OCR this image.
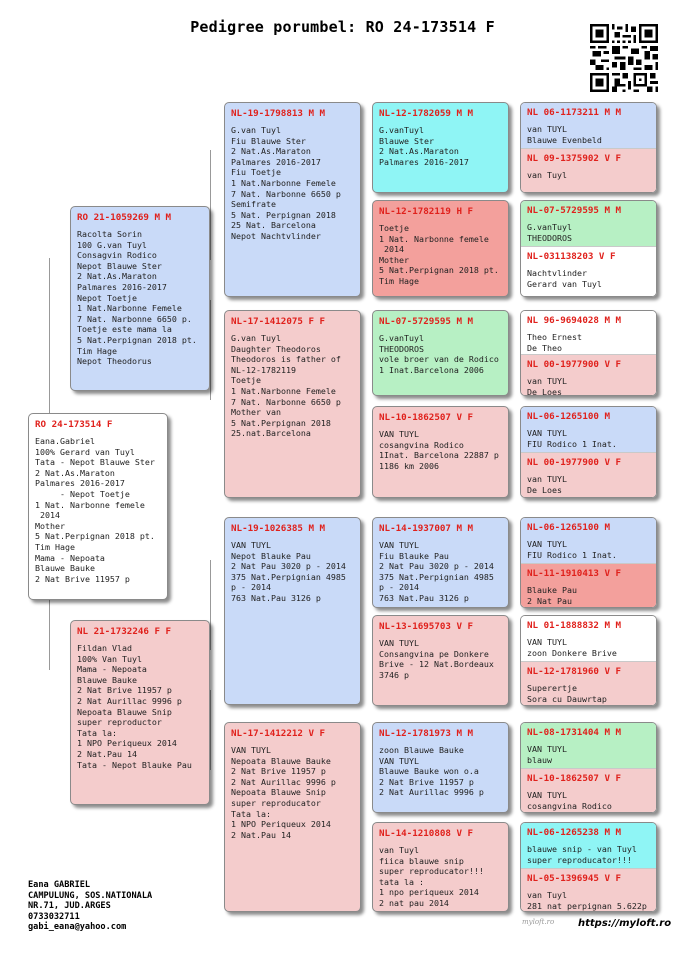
Pedigree porumbel: RO 24-173514 F
RO 24-173514 F
Eana.Gabriel
100% Gerard van Tuyl
Tata - Nepot Blauwe Ster
2 Nat.As.Maraton
Palmares 2016-2017
- Nepot Toetje
1 Nat. Narbonne femele
2014
Mother
5 Nat.Perpignan 2018 pt.
Tim Hage
Mama - Nepoata
Blauwe Bauke
2 Nat Brive 11957 p
RO 21-1059269 M M
Racolta Sorin
100 G.van Tuyl
Consagvin Rodico
Nepot Blauwe Ster
2 Nat.As.Maraton
Palmares 2016-2017
Nepot Toetje
1 Nat.Narbonne Femele
7 Nat. Narbonne 6650 p.
Toetje este mama la
5 Nat.Perpignan 2018 pt.
Tim Hage
Nepot Theodorus
NL 21-1732246 F F
Fildan Vlad
100% Van Tuyl
Mama - Nepoata
Blauwe Bauke
2 Nat Brive 11957 p
2 Nat Aurillac 9996 p
Nepoata Blauwe Snip
super reproductor
Tata la:
1 NPO Periqueux 2014
2 Nat.Pau 14
Tata - Nepot Blauke Pau
NL-19-1798813 M M
G.van Tuyl
Fiu Blauwe Ster
2 Nat.As.Maraton
Palmares 2016-2017
Fiu Toetje
1 Nat.Narbonne Femele
7 Nat. Narbonne 6650 p
Semifrate
5 Nat. Perpignan 2018
25 Nat. Barcelona
Nepot Nachtvlinder
NL-17-1412075 F F
G.van Tuyl
Daughter Theodoros
Theodoros is father of
NL-12-1782119
Toetje
1 Nat.Narbonne Femele
7 Nat. Narbonne 6650 p
Mother van
5 Nat.Perpignan 2018
25.nat.Barcelona
NL-19-1026385 M M
VAN TUYL
Nepot Blauke Pau
2 Nat Pau 3020 p - 2014
375 Nat.Perpignian 4985
p - 2014
763 Nat.Pau 3126 p
NL-17-1412212 V F
VAN TUYL
Nepoata Blauwe Bauke
2 Nat Brive 11957 p
2 Nat Aurillac 9996 p
Nepoata Blauwe Snip
super reproducator
Tata la:
1 NPO Periqueux 2014
2 Nat.Pau 14
NL-12-1782059 M M
G.vanTuyl
Blauwe Ster
2 Nat.As.Maraton
Palmares 2016-2017
NL-12-1782119 H F
Toetje
1 Nat. Narbonne femele
2014
Mother
5 Nat.Perpignan 2018 pt.
Tim Hage
NL-07-5729595 M M
G.vanTuyl
THEODOROS
vole broer van de Rodico
1 Inat.Barcelona 2006
NL-10-1862507 V F
VAN TUYL
cosangvina Rodico
1Inat. Barcelona 22887 p
1186 km 2006
NL-14-1937007 M M
VAN TUYL
Fiu Blauke Pau
2 Nat Pau 3020 p - 2014
375 Nat.Perpignian 4985
p - 2014
763 Nat.Pau 3126 p
NL-13-1695703 V F
VAN TUYL
Consangvina pe Donkere
Brive - 12 Nat.Bordeaux
3746 p
NL-12-1781973 M M
zoon Blauwe Bauke
VAN TUYL
Blauwe Bauke won o.a
2 Nat Brive 11957 p
2 Nat Aurillac 9996 p
NL-14-1210808 V F
van Tuyl
fiica blauwe snip
super reproducator!!!
tata la :
1 npo periqueux 2014
2 nat pau 2014
NL 06-1173211 M M
van TUYL
Blauwe Evenbeld
NL 09-1375902 V F
van Tuyl
NL-07-5729595 M M
G.vanTuyl
THEODOROS
NL-031138203 V F
Nachtvlinder
Gerard van Tuyl
NL 96-9694028 M M
Theo Ernest
De Theo
NL 00-1977900 V F
van TUYL
De Loes
NL-06-1265100 M
VAN TUYL
FIU Rodico 1 Inat.
NL 00-1977900 V F
van TUYL
De Loes
NL-06-1265100 M
VAN TUYL
FIU Rodico 1 Inat.
NL-11-1910413 V F
Blauke Pau
2 Nat Pau
NL 01-1888832 M M
VAN TUYL
zoon Donkere Brive
NL-12-1781960 V F
Superertje
Sora cu Dauwrtap
NL-08-1731404 M M
VAN TUYL
blauw
NL-10-1862507 V F
VAN TUYL
cosangvina Rodico
NL-06-1265238 M M
blauwe snip - van Tuyl
super reproducator!!!
NL-05-1396945 V F
van Tuyl
281 nat perpignan 5.622p
Eana GABRIEL
CAMPULUNG, SOS.NATIONALA
NR.71, JUD.ARGES
0733032711
gabi_eana@yahoo.com
myloft.ro https://myloft.ro
